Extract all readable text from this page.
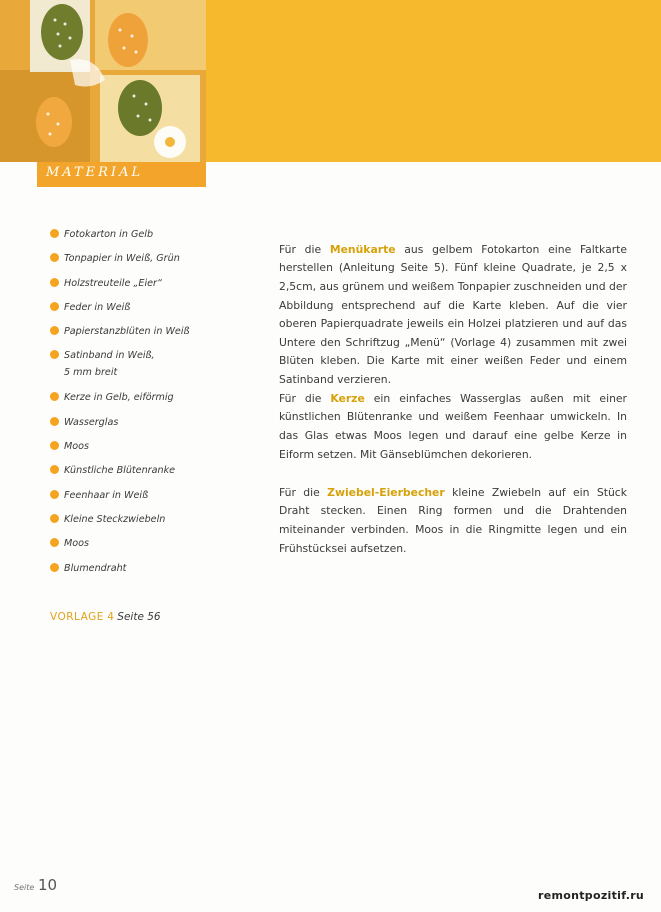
MATERIAL
Fotokarton in Gelb
Tonpapier in Weiß, Grün
Holzstreuteile „Eier“
Feder in Weiß
Papierstanzblüten in Weiß
Satinband in Weiß,
5 mm breit
Kerze in Gelb, eiförmig
Wasserglas
Moos
Künstliche Blütenranke
Feenhaar in Weiß
Kleine Steckzwiebeln
Moos
Blumendraht
VORLAGE 4 Seite 56

Für die Menükarte aus gelbem Fotokarton eine Faltkarte herstellen (Anleitung Seite 5). Fünf kleine Quadrate, je 2,5 x 2,5cm, aus grünem und weißem Tonpapier zuschneiden und der Abbildung entsprechend auf die Karte kleben. Auf die vier oberen Papierquadrate jeweils ein Holzei platzieren und auf das Untere den Schriftzug „Menü“ (Vorlage 4) zusammen mit zwei Blüten kleben. Die Karte mit einer weißen Feder und einem Satinband verzieren.

Für die Kerze ein einfaches Wasserglas außen mit einer künstlichen Blütenranke und weißem Feenhaar umwickeln. In das Glas etwas Moos legen und darauf eine gelbe Kerze in Eiform setzen. Mit Gänseblümchen dekorieren.

Für die Zwiebel-Eierbecher kleine Zwiebeln auf ein Stück Draht stecken. Einen Ring formen und die Drahtenden miteinander verbinden. Moos in die Ringmitte legen und ein Frühstücksei aufsetzen.

Seite 10
remontpozitif.ru
